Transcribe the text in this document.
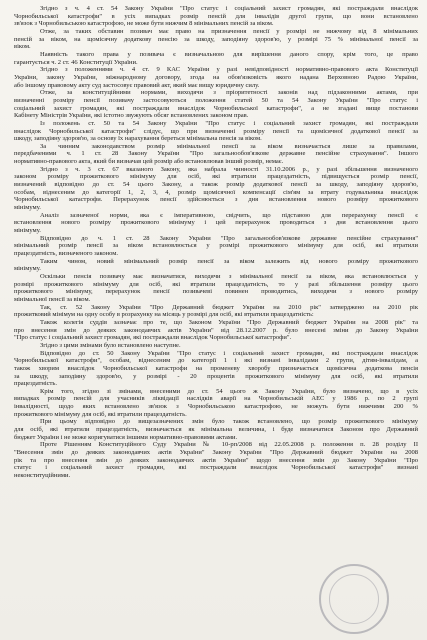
Згідно з ч. 4 ст. 54 Закону України "Про статус і соціальний захист громадян, які постраждали внаслідок
Чорнобильської катастрофи" в усіх випадках розмір пенсій для інвалідів другої групи, що вони встановлено
зв'язок з Чорнобильською катастрофою, не може бути нижчим 8 мінімальних пенсій за віком.
Отже, за таких обставин позивач має право на призначення пенсії у розмірі не нижчому від 8 мінімальних
пенсій за віком, на щомісячну додаткову пенсію за шкоду, заподіяну здоров'ю, у розмірі 75 % мінімальної пенсії за
віком.
Наявність такого права у позивача є визначальною для вирішення даного спору, крім того, це право
гарантується ч. 2 ст. 46 Конституції України.
Згідно з положеннями ч. 4 ст. 9 КАС України у разі невідповідності нормативно-правового акта Конституції
України, закону України, міжнародному договору, згода на обов'язковість якого надана Верховною Радою України,
або іншому правовому акту суд застосовує правовий акт, який має вищу юридичну силу.
Отже, за конституційними нормами, виходячи з пріоритетності законів над підзаконними актами, при
визначенні розміру пенсії позивачу застосовуються положення статей 50 та 54 Закону України "Про статус і
соціальний захист громадян, які постраждали внаслідок Чорнобильської катастрофи", а не згадані вище постанови
Кабінету Міністрів України, які істотно звужують обсяг встановлених законом прав.
Із положень ст. 50 та 54 Закону України "Про статус і соціальний захист громадян, які постраждали
внаслідок Чорнобильської катастрофи" слідує, що при визначенні розміру пенсії та щомісячної додаткової пенсії за
шкоду, заподіяну здоров'ю, за основу їх нарахування береться мінімальна пенсія за віком.
За чинним законодавством розмір мінімальної пенсії за віком визначається лише за правилами,
передбаченими ч. 1 ст. 28 Закону України "Про загальнообов'язкове державне пенсійне страхування". Іншого
нормативно-правового акта, який би визначав цей розмір або встановлював інший розмір, немає.
Згідно з ч. 3 ст. 67 вказаного Закону, яка набрала чинності 31.10.2006 р., у разі збільшення визначеного
законом розміру прожиткового мінімуму для осіб, які втратили працездатність, підвищується розмір пенсії,
визначений відповідно до ст. 54 цього Закону, а також розмір додаткової пенсії за шкоду, заподіяну здоров'ю,
особам, віднесеним до категорії 1, 2, 3, 4, розмір щомісячної компенсації сім'ям за втрату годувальника внаслідок
Чорнобильської катастрофи. Перерахунок пенсії здійснюється з дня встановлення нового розміру прожиткового
мінімуму.
Аналіз зазначеної норми, яка є імперативною, свідчить, що підставою для перерахунку пенсії є
встановлення нового розміру прожиткового мінімуму і цей перерахунок проводиться з дня встановлення цього
мінімуму.
Відповідно до ч. 1 ст. 28 Закону України "Про загальнообов'язкове державне пенсійне страхування"
мінімальний розмір пенсії за віком встановлюється у розмірі прожиткового мінімуму для осіб, які втратили
працездатність, визначеного законом.
Таким чином, новий мінімальний розмір пенсії за віком залежить від нового розміру прожиткового
мінімуму.
Оскільки пенсія позивачу має визначатися, виходячи з мінімальної пенсії за віком, яка встановлюється у
розмірі прожиткового мінімуму для осіб, які втратили працездатність, то у разі збільшення розміру цього
прожиткового мінімуму, перерахунок пенсії позивачеві повинен проводитись, виходячи з нового розміру
мінімальної пенсії за віком.
Так, ст. 52 Закону України "Про Державний бюджет України на 2010 рік" затверджено на 2010 рік
прожитковий мінімум на одну особу в розрахунку на місяць у розмірі для осіб, які втратили працездатність:
Також колегія суддів зазначає про те, що Законом України "Про Державний бюджет України на 2008 рік" та
про внесення змін до деяких законодавчих актів України" від 28.12.2007 р. було внесені зміни до Закону України
"Про статус і соціальний захист громадян, які постраждали внаслідок Чорнобильської катастрофи".
Згідно з цими змінами було встановлено наступне.
Відповідно до ст. 50 Закону України "Про статус і соціальний захист громадян, які постраждали внаслідок
Чорнобильської катастрофи", особам, віднесеним до категорії 1 і які визнані інвалідами 2 групи, дітям-інвалідам, а
також хворим внаслідок Чорнобильської катастрофи на променеву хворобу призначається щомісячна додаткова пенсія
за шкоду, заподіяну здоров'ю, у розмірі - 20 процентів прожиткового мінімуму для осіб, які втратили
працездатність.
Крім того, згідно зі змінами, внесеними до ст. 54 цього ж Закону України, було визначено, що в усіх
випадках розмір пенсій для учасників ліквідації наслідків аварії на Чорнобильській АЕС у 1986 р. по 2 групі
інвалідності, щодо яких встановлено зв'язок з Чорнобильською катастрофою, не можуть бути нижчими 200 %
прожиткового мінімуму для осіб, які втратили працездатність.
При цьому відповідно до вищезазначених змін було також встановлено, що розмір прожиткового мінімуму
для осіб, які втратили працездатність, визначається як мінімальна величина, і буде визначатися Законом про Державний
бюджет України і не може коригуватися іншими нормативно-правовими актами.
Проте Рішенням Конституційного Суду України № 10-рп/2008 від 22.05.2008 р. положення п. 28 розділу ІІ
"Внесення змін до деяких законодавчих актів України" Закону України "Про Державний бюджет України на 2008
рік та про внесення змін до деяких законодавчих актів України" щодо внесення змін до Закону України "Про
статус і соціальний захист громадян, які постраждали внаслідок Чорнобильської катастрофи" визнані
неконституційними.
